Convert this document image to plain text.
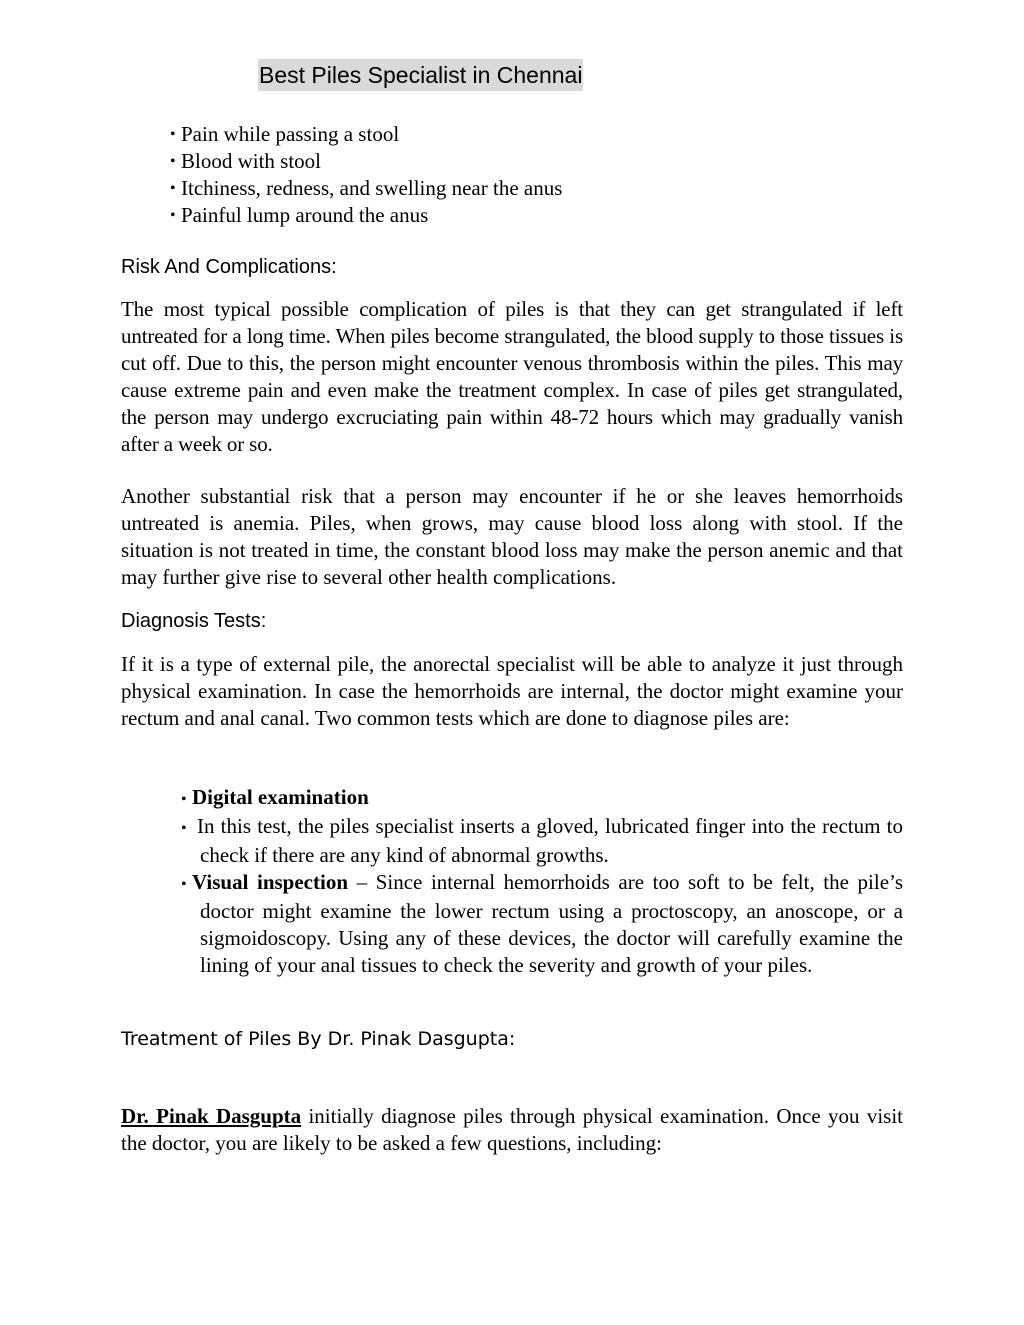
Best Piles Specialist in Chennai
• Pain while passing a stool
• Blood with stool
• Itchiness, redness, and swelling near the anus
• Painful lump around the anus
Risk And Complications:

The most typical possible complication of piles is that they can get strangulated if left untreated for a long time. When piles become strangulated, the blood supply to those tissues is cut off. Due to this, the person might encounter venous thrombosis within the piles. This may cause extreme pain and even make the treatment complex. In case of piles get strangulated, the person may undergo excruciating pain within 48-72 hours which may gradually vanish after a week or so.

Another substantial risk that a person may encounter if he or she leaves hemorrhoids untreated is anemia. Piles, when grows, may cause blood loss along with stool. If the situation is not treated in time, the constant blood loss may make the person anemic and that may further give rise to several other health complications.

Diagnosis Tests:

If it is a type of external pile, the anorectal specialist will be able to analyze it just through physical examination. In case the hemorrhoids are internal, the doctor might examine your rectum and anal canal. Two common tests which are done to diagnose piles are:

• Digital examination
• In this test, the piles specialist inserts a gloved, lubricated finger into the rectum to check if there are any kind of abnormal growths.
• Visual inspection – Since internal hemorrhoids are too soft to be felt, the pile’s doctor might examine the lower rectum using a proctoscopy, an anoscope, or a sigmoidoscopy. Using any of these devices, the doctor will carefully examine the lining of your anal tissues to check the severity and growth of your piles.
Treatment of Piles By Dr. Pinak Dasgupta:

Dr. Pinak Dasgupta initially diagnose piles through physical examination. Once you visit the doctor, you are likely to be asked a few questions, including:
